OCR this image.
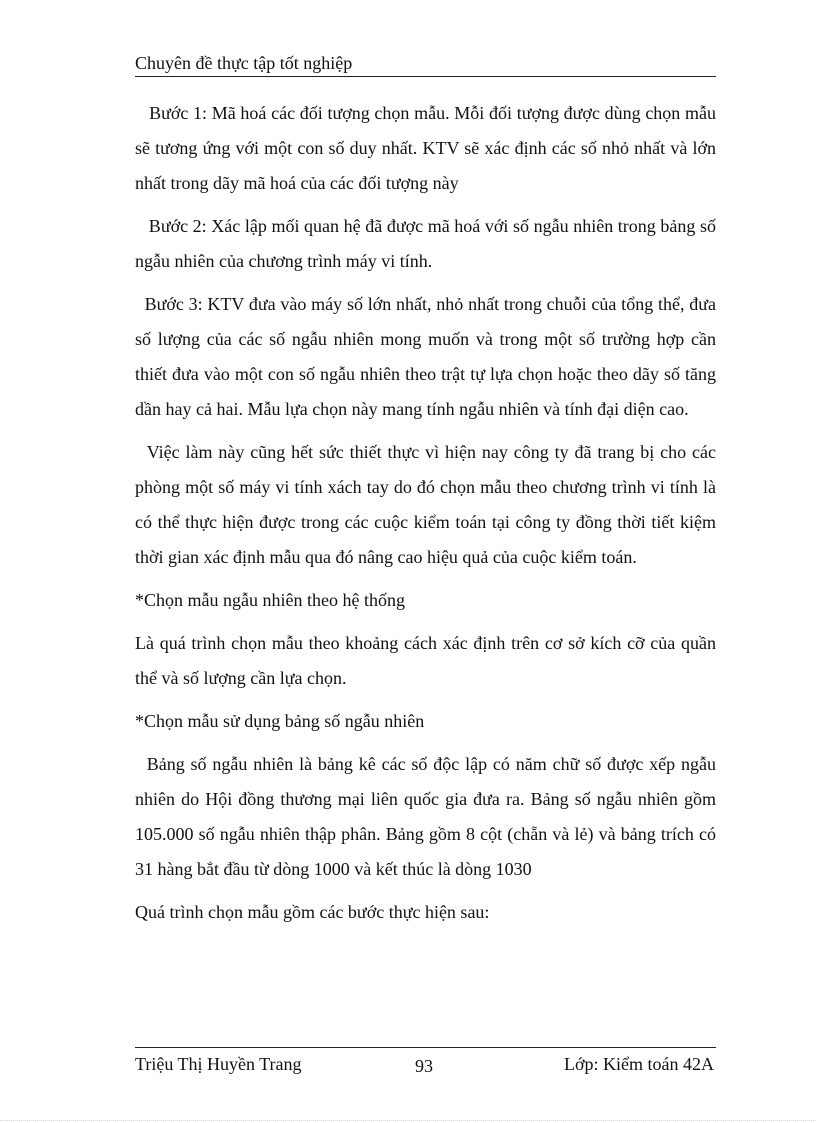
Chuyên đề thực tập tốt nghiệp

Bước 1: Mã hoá các đối tượng chọn mẫu. Mỗi đối tượng được dùng chọn mẫu sẽ tương ứng với một con số duy nhất. KTV sẽ xác định các số nhỏ nhất và lớn nhất trong dãy mã hoá của các đối tượng này

Bước 2: Xác lập mối quan hệ đã được mã hoá với số ngẫu nhiên trong bảng số ngẫu nhiên của chương trình máy vi tính.

Bước 3: KTV đưa vào máy số lớn nhất, nhỏ nhất trong chuỗi của tổng thể, đưa số lượng của các số ngẫu nhiên mong muốn và trong một số trường hợp cần thiết đưa vào một con số ngẫu nhiên theo trật tự lựa chọn hoặc theo dãy số tăng dần hay cả hai. Mẫu lựa chọn này mang tính ngẫu nhiên và tính đại diện cao.

Việc làm này cũng hết sức thiết thực vì hiện nay công ty đã trang bị cho các phòng một số máy vi tính xách tay do đó chọn mẫu theo chương trình vi tính là có thể thực hiện được trong các cuộc kiểm toán tại công ty đồng thời tiết kiệm thời gian xác định mẫu qua đó nâng cao hiệu quả của cuộc kiểm toán.

*Chọn mẫu ngẫu nhiên theo hệ thống

Là quá trình chọn mẫu theo khoảng cách xác định trên cơ sở kích cỡ của quần thể và số lượng cần lựa chọn.

*Chọn mẫu sử dụng bảng số ngẫu nhiên

Bảng số ngẫu nhiên là bảng kê các số độc lập có năm chữ số được xếp ngẫu nhiên do Hội đồng thương mại liên quốc gia đưa ra. Bảng số ngẫu nhiên gồm 105.000 số ngẫu nhiên thập phân. Bảng gồm 8 cột (chẵn và lẻ) và bảng trích có 31 hàng bắt đầu từ dòng 1000 và kết thúc là dòng 1030

Quá trình chọn mẫu gồm các bước thực hiện sau:

Triệu Thị Huyền Trang	93	Lớp: Kiểm toán 42A
